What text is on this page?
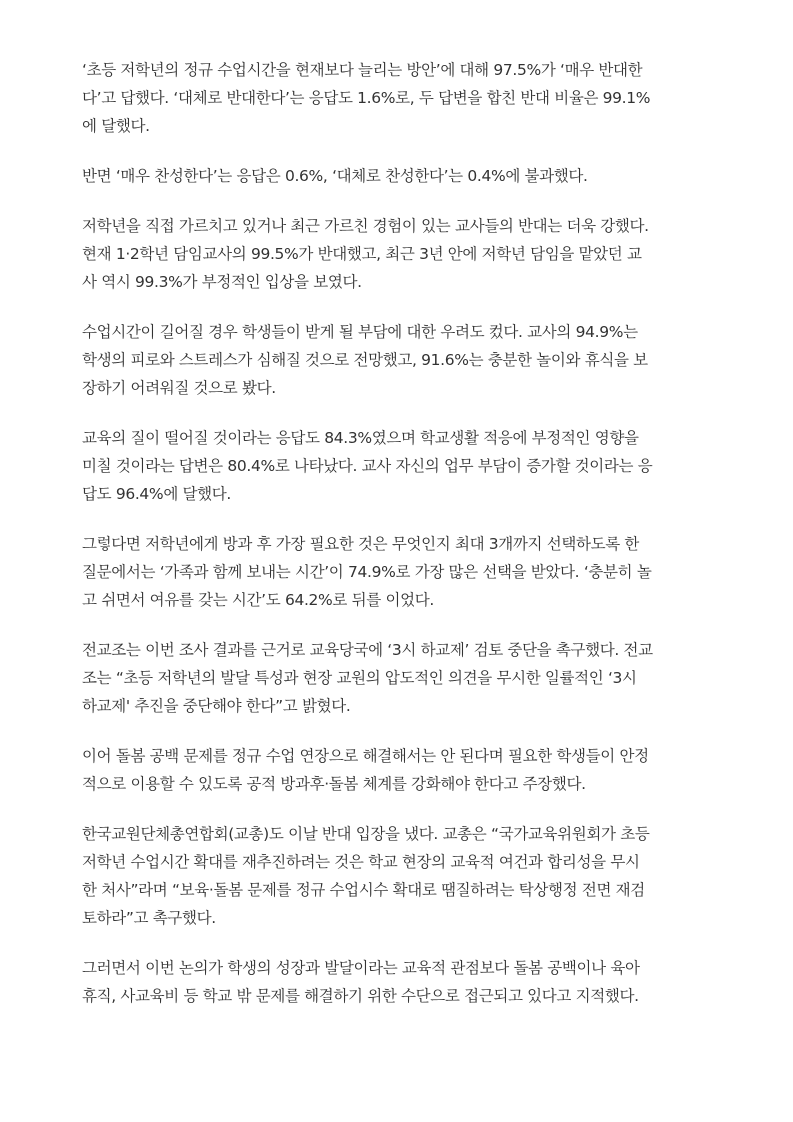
‘초등 저학년의 정규 수업시간을 현재보다 늘리는 방안’에 대해 97.5%가 ‘매우 반대한
다’고 답했다. ‘대체로 반대한다’는 응답도 1.6%로, 두 답변을 합친 반대 비율은 99.1%
에 달했다.

반면 ‘매우 찬성한다’는 응답은 0.6%, ‘대체로 찬성한다’는 0.4%에 불과했다.

저학년을 직접 가르치고 있거나 최근 가르친 경험이 있는 교사들의 반대는 더욱 강했다.
현재 1·2학년 담임교사의 99.5%가 반대했고, 최근 3년 안에 저학년 담임을 맡았던 교
사 역시 99.3%가 부정적인 입상을 보였다.

수업시간이 길어질 경우 학생들이 받게 될 부담에 대한 우려도 컸다. 교사의 94.9%는
학생의 피로와 스트레스가 심해질 것으로 전망했고, 91.6%는 충분한 놀이와 휴식을 보
장하기 어려워질 것으로 봤다.

교육의 질이 떨어질 것이라는 응답도 84.3%였으며 학교생활 적응에 부정적인 영향을
미칠 것이라는 답변은 80.4%로 나타났다. 교사 자신의 업무 부담이 증가할 것이라는 응
답도 96.4%에 달했다.

그렇다면 저학년에게 방과 후 가장 필요한 것은 무엇인지 최대 3개까지 선택하도록 한
질문에서는 ‘가족과 함께 보내는 시간’이 74.9%로 가장 많은 선택을 받았다. ‘충분히 놀
고 쉬면서 여유를 갖는 시간’도 64.2%로 뒤를 이었다.

전교조는 이번 조사 결과를 근거로 교육당국에 ‘3시 하교제’ 검토 중단을 촉구했다. 전교
조는 “초등 저학년의 발달 특성과 현장 교원의 압도적인 의견을 무시한 일률적인 ‘3시
하교제' 추진을 중단해야 한다”고 밝혔다.

이어 돌봄 공백 문제를 정규 수업 연장으로 해결해서는 안 된다며 필요한 학생들이 안정
적으로 이용할 수 있도록 공적 방과후·돌봄 체계를 강화해야 한다고 주장했다.

한국교원단체총연합회(교총)도 이날 반대 입장을 냈다. 교총은 “국가교육위원회가 초등
저학년 수업시간 확대를 재추진하려는 것은 학교 현장의 교육적 여건과 합리성을 무시
한 처사”라며 “보육·돌봄 문제를 정규 수업시수 확대로 땜질하려는 탁상행정 전면 재검
토하라”고 촉구했다.

그러면서 이번 논의가 학생의 성장과 발달이라는 교육적 관점보다 돌봄 공백이나 육아
휴직, 사교육비 등 학교 밖 문제를 해결하기 위한 수단으로 접근되고 있다고 지적했다.
